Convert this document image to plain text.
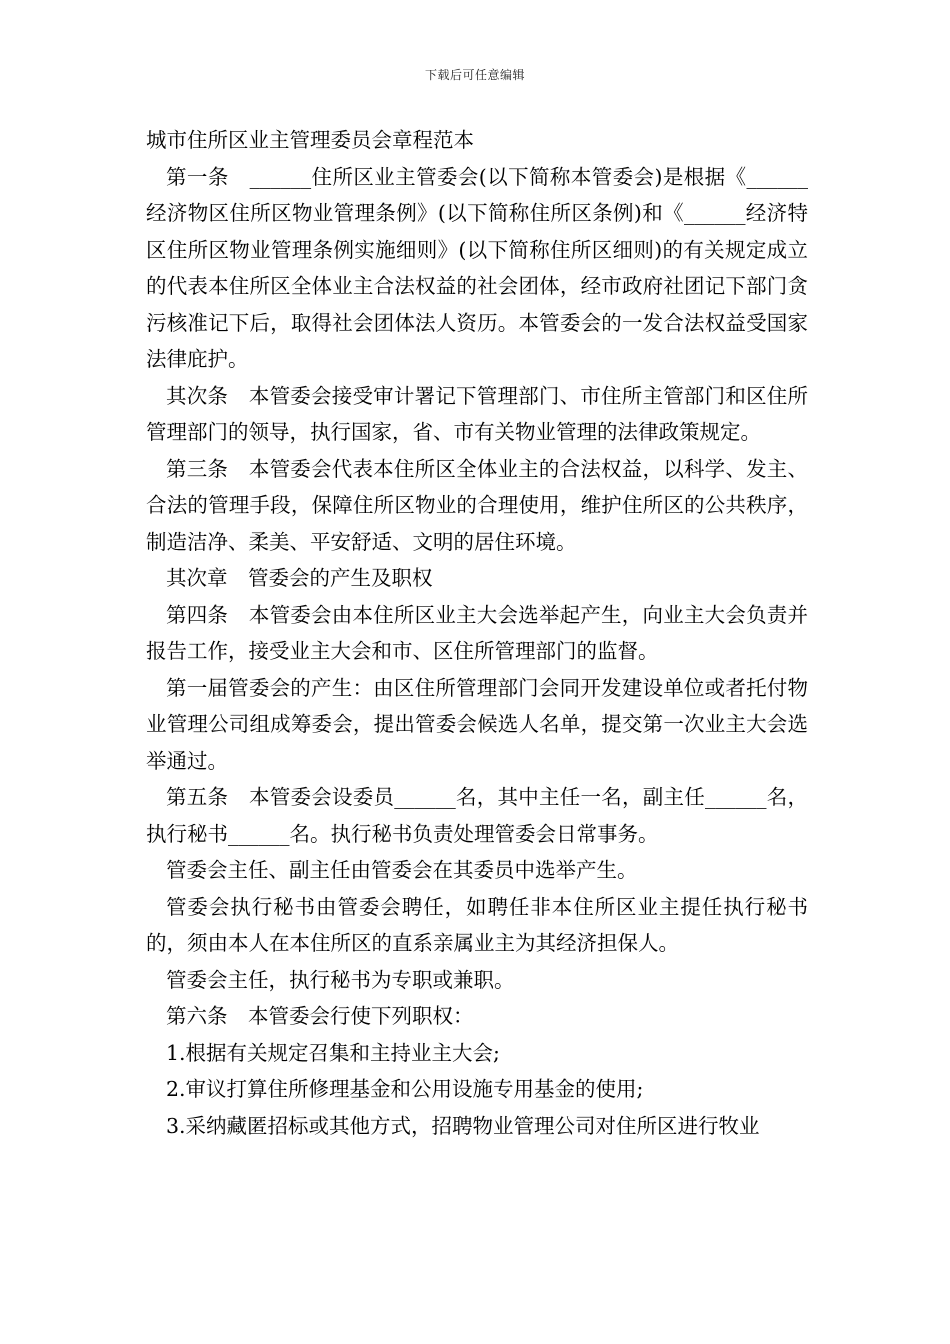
下载后可任意编辑

城市住所区业主管理委员会章程范本

第一条　______住所区业主管委会(以下简称本管委会)是根据《______经济物区住所区物业管理条例》(以下简称住所区条例)和《______经济特区住所区物业管理条例实施细则》(以下简称住所区细则)的有关规定成立的代表本住所区全体业主合法权益的社会团体，经市政府社团记下部门贪污核准记下后，取得社会团体法人资历。本管委会的一发合法权益受国家法律庇护。

其次条　本管委会接受审计署记下管理部门、市住所主管部门和区住所管理部门的领导，执行国家，省、市有关物业管理的法律政策规定。

第三条　本管委会代表本住所区全体业主的合法权益，以科学、发主、合法的管理手段，保障住所区物业的合理使用，维护住所区的公共秩序，制造洁净、柔美、平安舒适、文明的居住环境。

其次章　管委会的产生及职权

第四条　本管委会由本住所区业主大会选举起产生，向业主大会负责并报告工作，接受业主大会和市、区住所管理部门的监督。

第一届管委会的产生：由区住所管理部门会同开发建设单位或者托付物业管理公司组成筹委会，提出管委会候选人名单，提交第一次业主大会选举通过。

第五条　本管委会设委员______名，其中主任一名，副主任______名，执行秘书______名。执行秘书负责处理管委会日常事务。

管委会主任、副主任由管委会在其委员中选举产生。

管委会执行秘书由管委会聘任，如聘任非本住所区业主提任执行秘书的，须由本人在本住所区的直系亲属业主为其经济担保人。

管委会主任，执行秘书为专职或兼职。

第六条　本管委会行使下列职权：

1.根据有关规定召集和主持业主大会;

2.审议打算住所修理基金和公用设施专用基金的使用;

3.采纳藏匿招标或其他方式，招聘物业管理公司对住所区进行牧业
